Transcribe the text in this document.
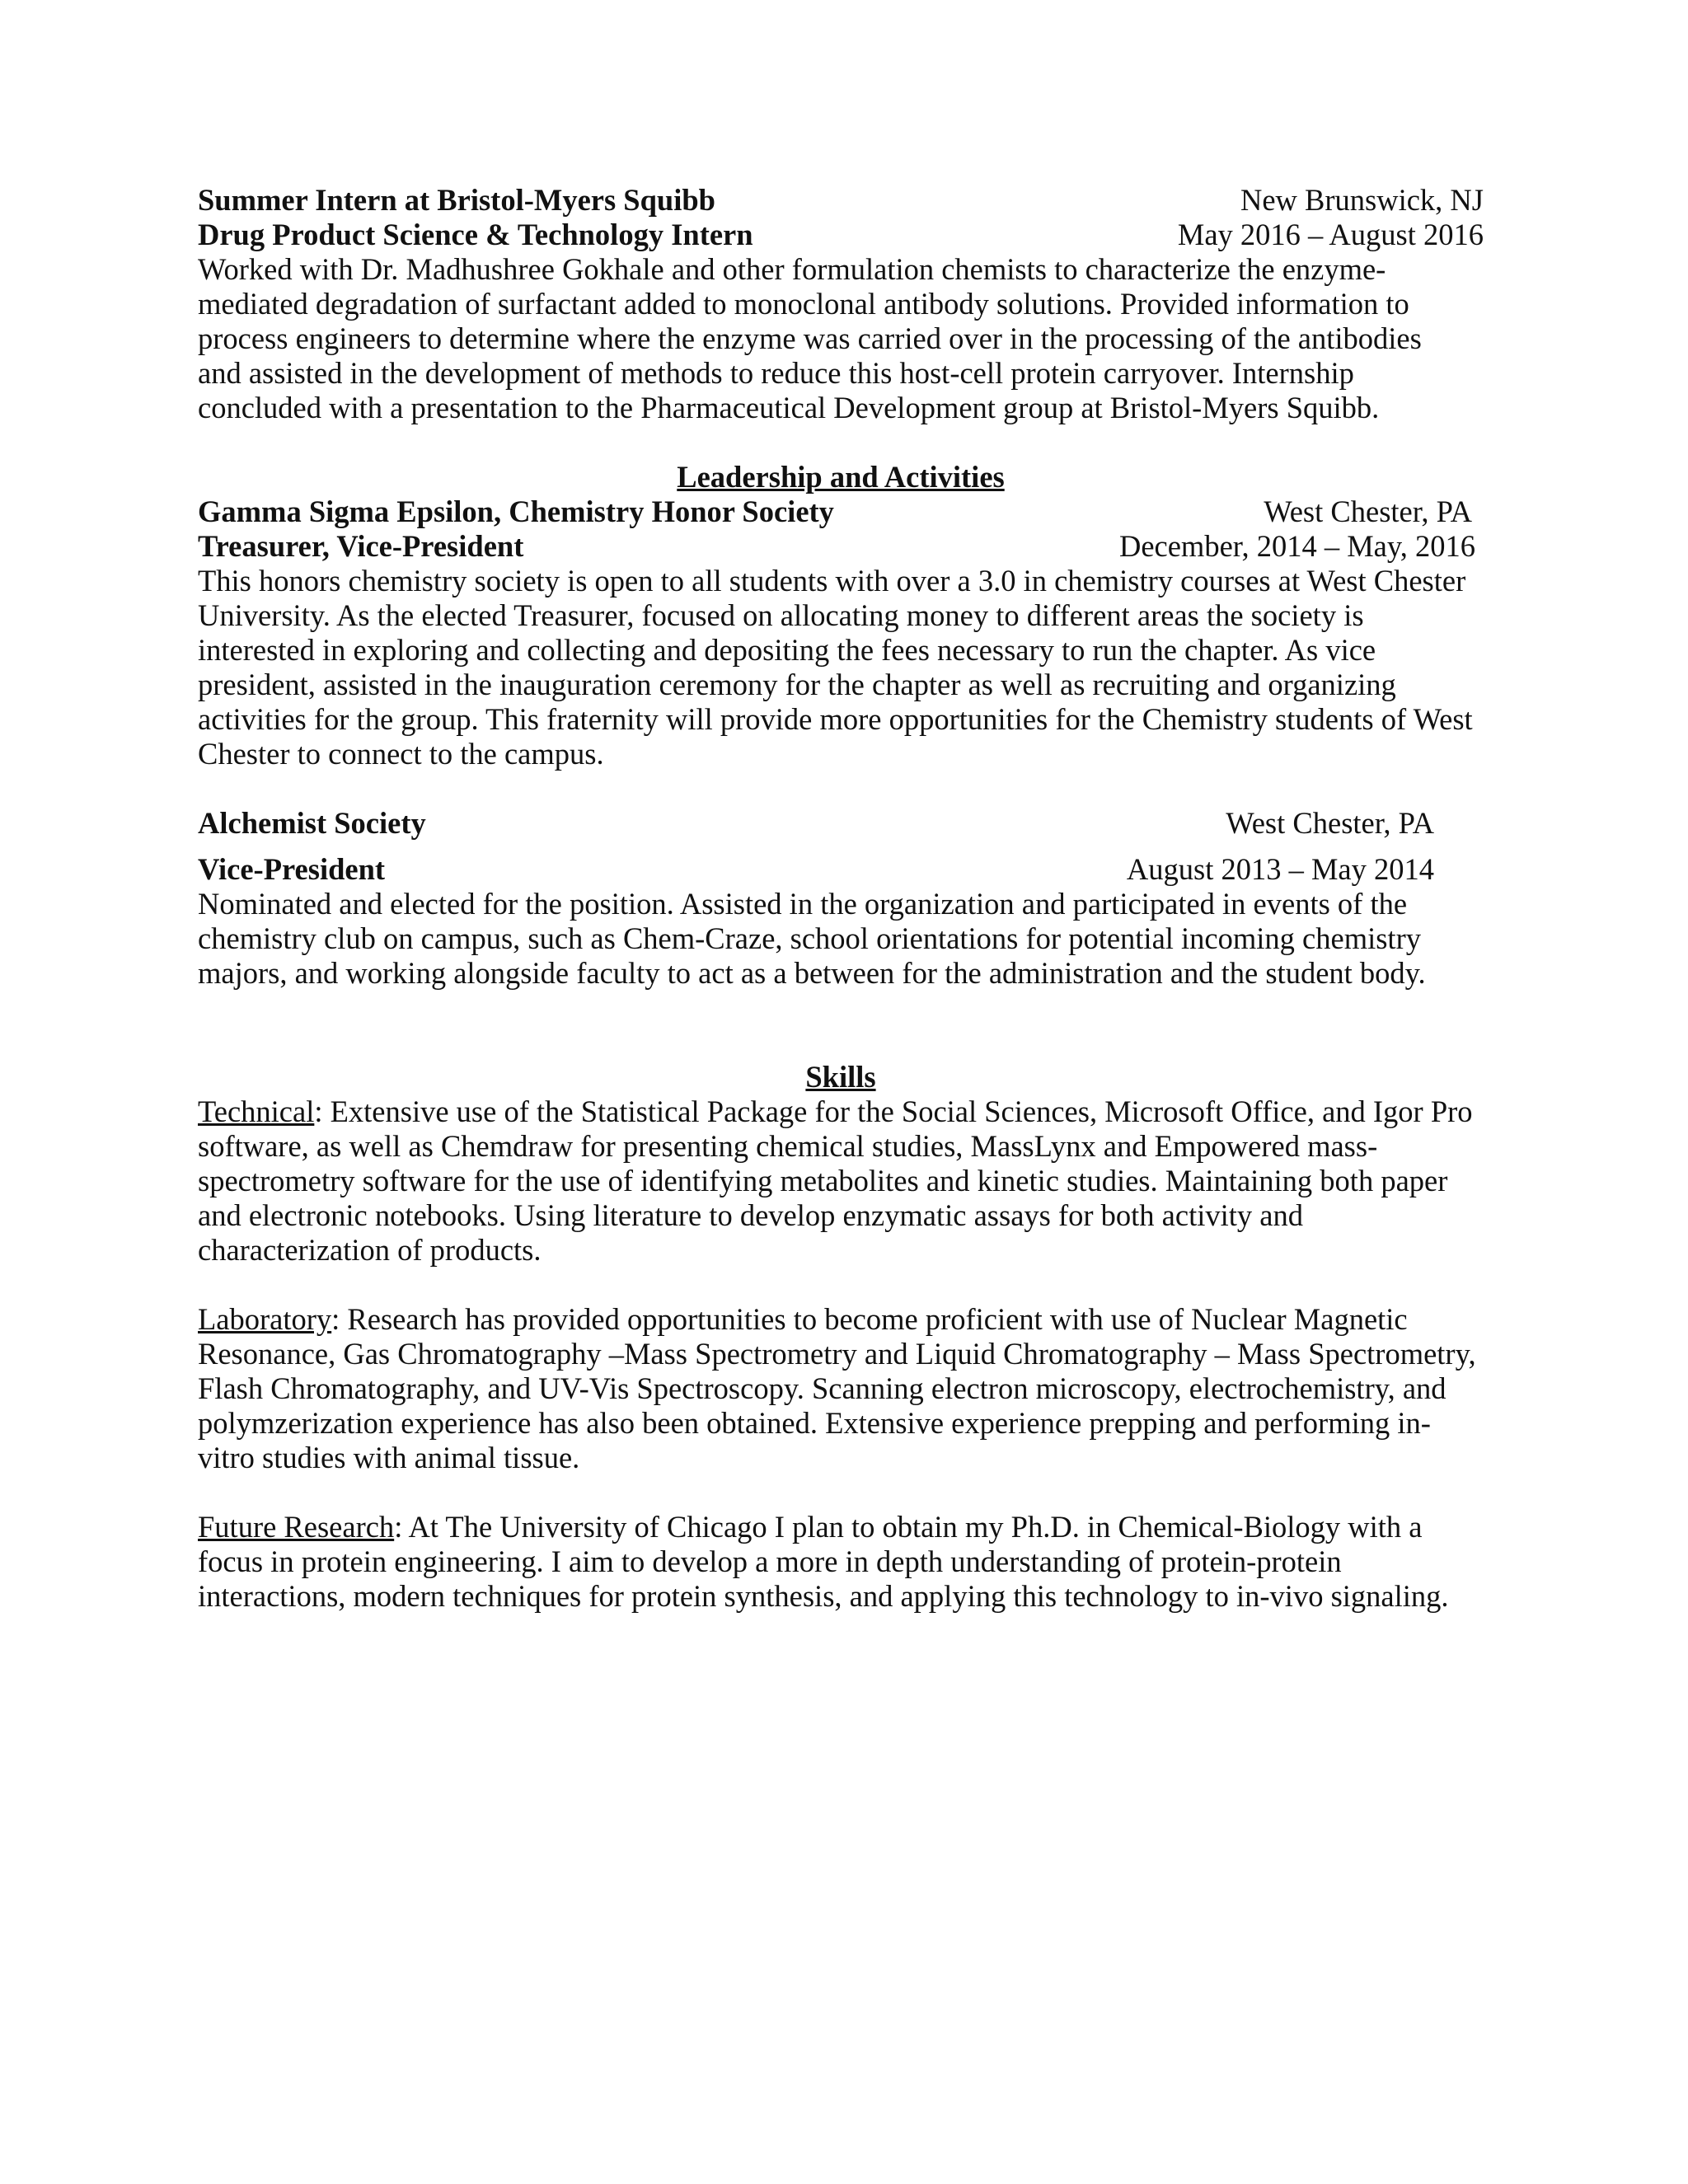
Summer Intern at Bristol-Myers Squibb	New Brunswick, NJ
Drug Product Science & Technology Intern	May 2016 – August 2016
Worked with Dr. Madhushree Gokhale and other formulation chemists to characterize the enzyme-
mediated degradation of surfactant added to monoclonal antibody solutions. Provided information to
process engineers to determine where the enzyme was carried over in the processing of the antibodies
and assisted in the development of methods to reduce this host-cell protein carryover. Internship
concluded with a presentation to the Pharmaceutical Development group at Bristol-Myers Squibb.
Leadership and Activities
Gamma Sigma Epsilon, Chemistry Honor Society	West Chester, PA
Treasurer, Vice-President	December, 2014 – May, 2016
This honors chemistry society is open to all students with over a 3.0 in chemistry courses at West Chester
University. As the elected Treasurer, focused on allocating money to different areas the society is
interested in exploring and collecting and depositing the fees necessary to run the chapter. As vice
president, assisted in the inauguration ceremony for the chapter as well as recruiting and organizing
activities for the group. This fraternity will provide more opportunities for the Chemistry students of West
Chester to connect to the campus.
Alchemist Society	West Chester, PA
Vice-President	August 2013 – May 2014
Nominated and elected for the position. Assisted in the organization and participated in events of the
chemistry club on campus, such as Chem-Craze, school orientations for potential incoming chemistry
majors, and working alongside faculty to act as a between for the administration and the student body.
Skills
Technical: Extensive use of the Statistical Package for the Social Sciences, Microsoft Office, and Igor Pro
software, as well as Chemdraw for presenting chemical studies, MassLynx and Empowered mass-
spectrometry software for the use of identifying metabolites and kinetic studies. Maintaining both paper
and electronic notebooks. Using literature to develop enzymatic assays for both activity and
characterization of products.
Laboratory: Research has provided opportunities to become proficient with use of Nuclear Magnetic
Resonance, Gas Chromatography –Mass Spectrometry and Liquid Chromatography – Mass Spectrometry,
Flash Chromatography, and UV-Vis Spectroscopy. Scanning electron microscopy, electrochemistry, and
polymzerization experience has also been obtained. Extensive experience prepping and performing in-
vitro studies with animal tissue.
Future Research: At The University of Chicago I plan to obtain my Ph.D. in Chemical-Biology with a
focus in protein engineering. I aim to develop a more in depth understanding of protein-protein
interactions, modern techniques for protein synthesis, and applying this technology to in-vivo signaling.
